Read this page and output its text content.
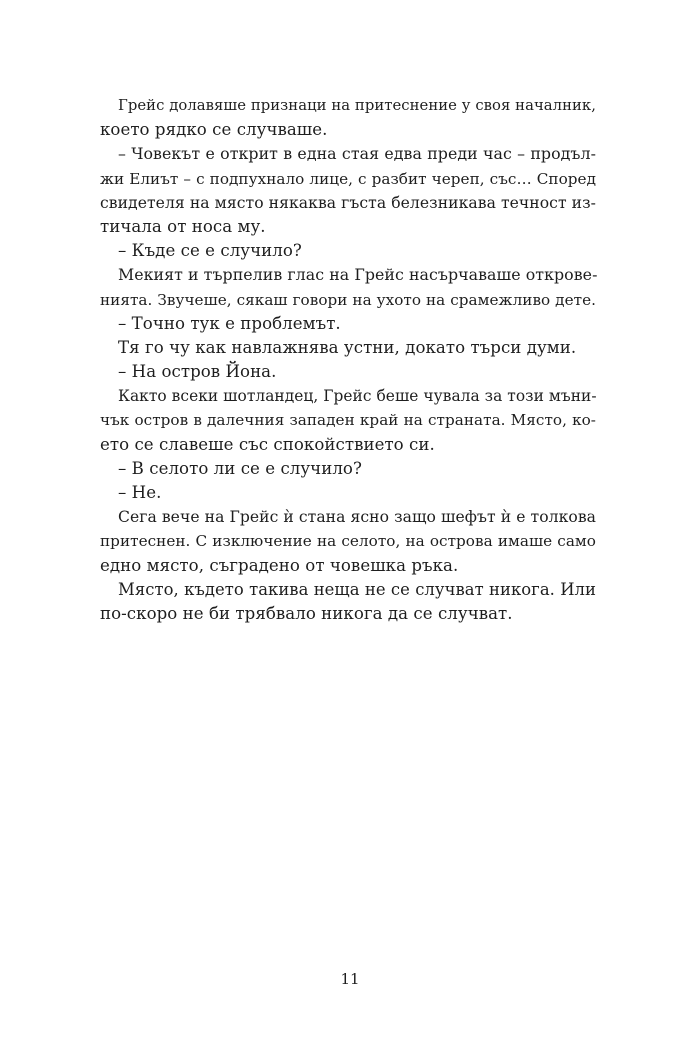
Грейс долавяше признаци на притеснение у своя началник,

което рядко се случваше.

– Човекът е открит в една стая едва преди час – продъл-

жи Елиът – с подпухнало лице, с разбит череп, със… Според

свидетеля на място някаква гъста белезникава течност из-

тичала от носа му.

– Къде се е случило?

Мекият и търпелив глас на Грейс насърчаваше открове-

нията. Звучеше, сякаш говори на ухото на срамежливо дете.

– Точно тук е проблемът.

Тя го чу как навлажнява устни, докато търси думи.

– На остров Йона.

Както всеки шотландец, Грейс беше чувала за този мъни-

чък остров в далечния западен край на страната. Място, ко-

ето се славеше със спокойствието си.

– В селото ли се е случило?

– Не.

Сега вече на Грейс ѝ стана ясно защо шефът ѝ е толкова

притеснен. С изключение на селото, на острова имаше само

едно място, съградено от човешка ръка.

Място, където такива неща не се случват никога. Или

по-скоро не би трябвало никога да се случват.

11
